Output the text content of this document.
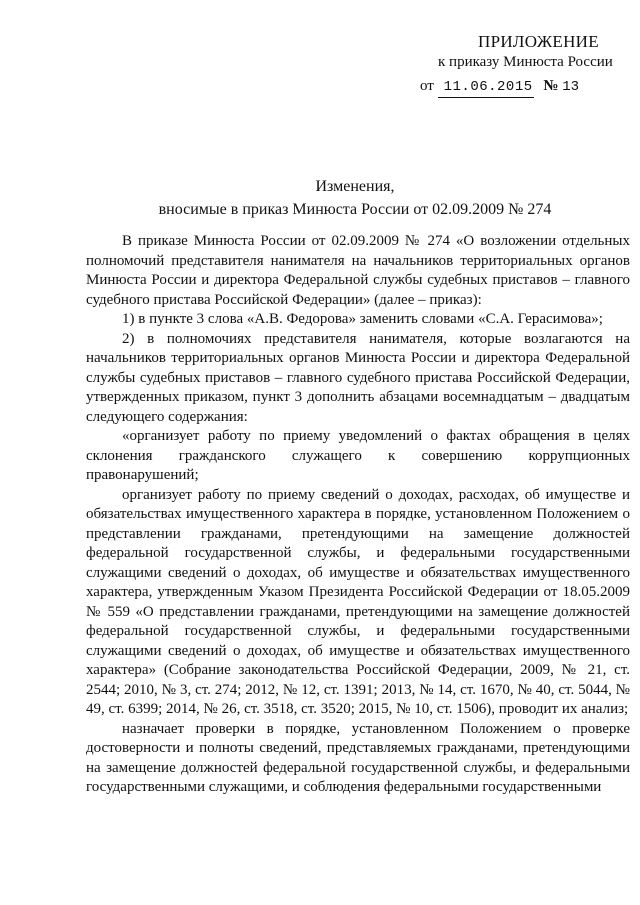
ПРИЛОЖЕНИЕ
к приказу Минюста России
от 11.06.2015 № 13
Изменения,
вносимые в приказ Минюста России от 02.09.2009 № 274

В приказе Минюста России от 02.09.2009 № 274 «О возложении отдельных полномочий представителя нанимателя на начальников территориальных органов Минюста России и директора Федеральной службы судебных приставов – главного судебного пристава Российской Федерации» (далее – приказ):

1) в пункте 3 слова «А.В. Федорова» заменить словами «С.А. Герасимова»;

2) в полномочиях представителя нанимателя, которые возлагаются на начальников территориальных органов Минюста России и директора Федеральной службы судебных приставов – главного судебного пристава Российской Федерации, утвержденных приказом, пункт 3 дополнить абзацами восемнадцатым – двадцатым следующего содержания:

«организует работу по приему уведомлений о фактах обращения в целях склонения гражданского служащего к совершению коррупционных правонарушений;

организует работу по приему сведений о доходах, расходах, об имуществе и обязательствах имущественного характера в порядке, установленном Положением о представлении гражданами, претендующими на замещение должностей федеральной государственной службы, и федеральными государственными служащими сведений о доходах, об имуществе и обязательствах имущественного характера, утвержденным Указом Президента Российской Федерации от 18.05.2009 № 559 «О представлении гражданами, претендующими на замещение должностей федеральной государственной службы, и федеральными государственными служащими сведений о доходах, об имуществе и обязательствах имущественного характера» (Собрание законодательства Российской Федерации, 2009, № 21, ст. 2544; 2010, № 3, ст. 274; 2012, № 12, ст. 1391; 2013, № 14, ст. 1670, № 40, ст. 5044, № 49, ст. 6399; 2014, № 26, ст. 3518, ст. 3520; 2015, № 10, ст. 1506), проводит их анализ;

назначает проверки в порядке, установленном Положением о проверке достоверности и полноты сведений, представляемых гражданами, претендующими на замещение должностей федеральной государственной службы, и федеральными государственными служащими, и соблюдения федеральными государственными
